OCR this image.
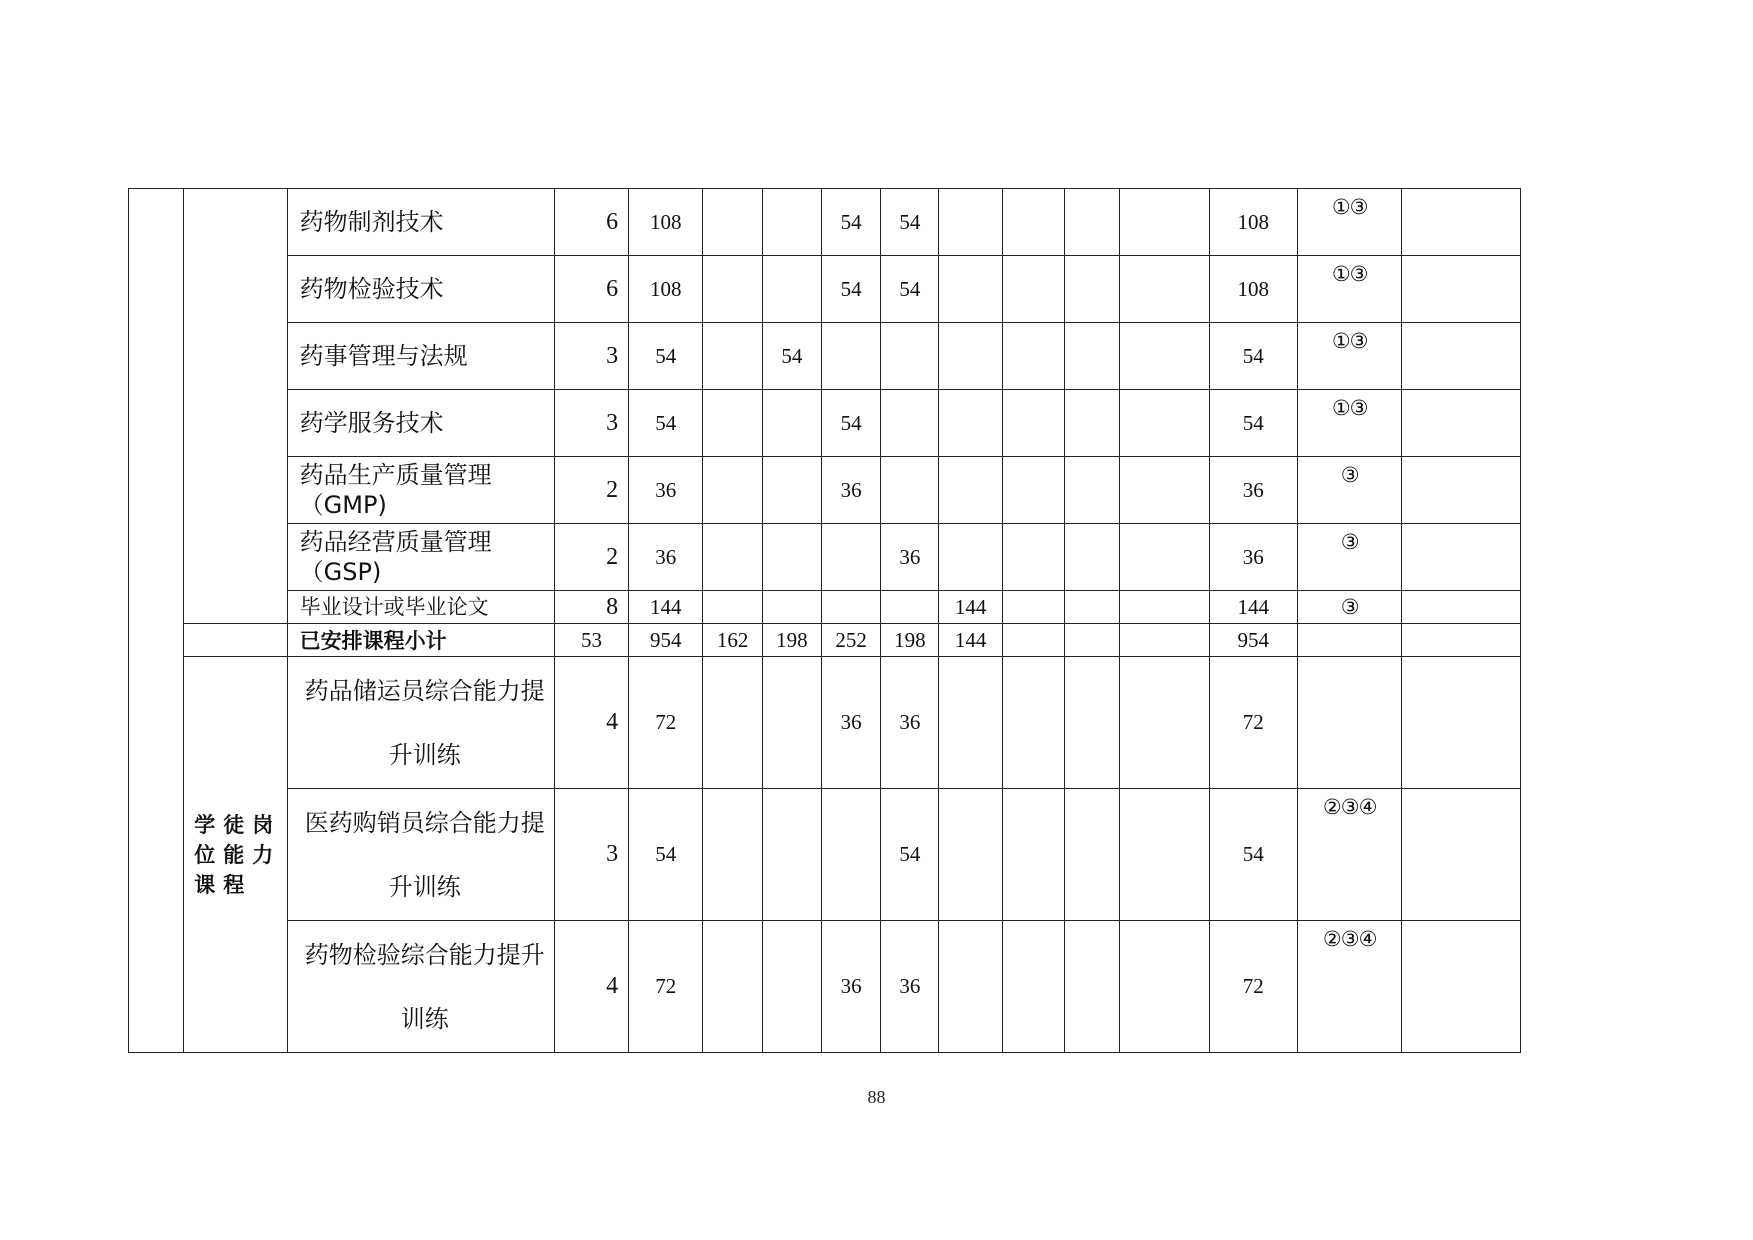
		药物制剂技术	6	108			54	54					108	①③	
		药物检验技术	6	108			54	54					108	①③	
		药事管理与法规	3	54		54							54	①③	
		药学服务技术	3	54			54						54	①③	
		药品生产质量管理（GMP)	2	36			36						36	③	
		药品经营质量管理（GSP)	2	36				36					36	③	
		毕业设计或毕业论文	8	144					144				144	③	
		已安排课程小计	53	954	162	198	252	198	144				954		
	学徒岗位能力课程	药品储运员综合能力提升训练	4	72			36	36					72		
		医药购销员综合能力提升训练	3	54				54					54	②③④	
		药物检验综合能力提升训练	4	72			36	36					72	②③④	
88
